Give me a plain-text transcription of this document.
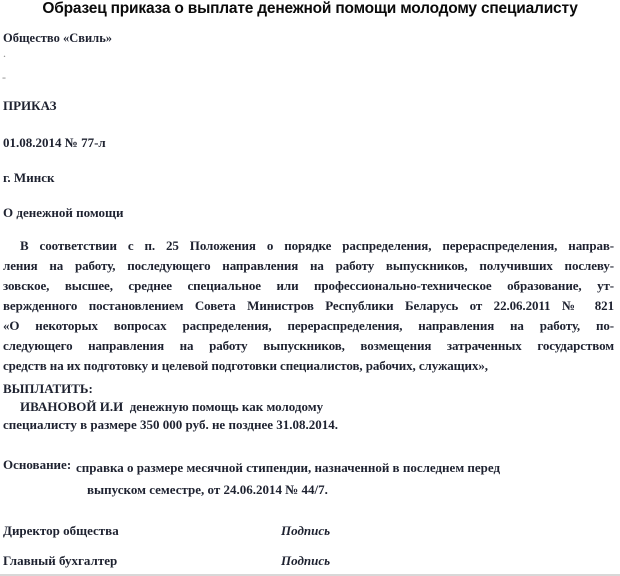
Образец приказа о выплате денежной помощи молодому специалисту
Общество «Свиль»
.
-
ПРИКАЗ
01.08.2014 № 77-л
г. Минск
О денежной помощи
В соответствии с п. 25 Положения о порядке распределения, перераспределения, направ-
ления на работу, последующего направления на работу выпускников, получивших послеву-
зовское, высшее, среднее специальное или профессионально-техническое образование, ут-
вержденного постановлением Совета Министров Республики Беларусь от 22.06.2011 № 821
«О некоторых вопросах распределения, перераспределения, направления на работу, по-
следующего направления на работу выпускников, возмещения затраченных государством
средств на их подготовку и целевой подготовки специалистов, рабочих, служащих»,
ВЫПЛАТИТЬ:
ИВАНОВОЙ И.И  денежную помощь как молодому
специалисту в размере 350 000 руб. не позднее 31.08.2014.
Основание: справка о размере месячной стипендии, назначенной в последнем перед
выпуском семестре, от 24.06.2014 № 44/7.
Директор общества	Подпись
Главный бухгалтер	Подпись
